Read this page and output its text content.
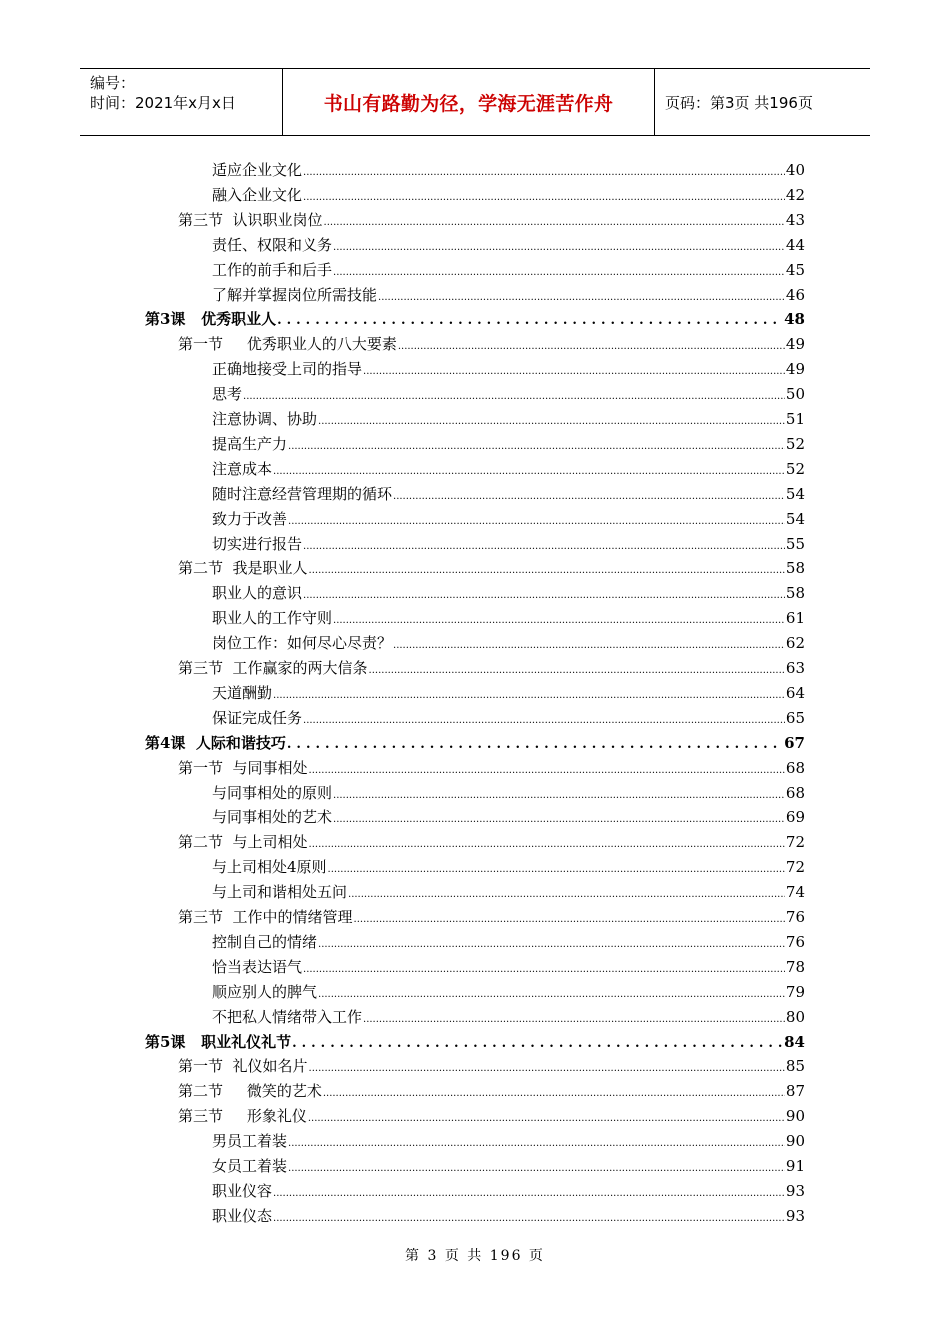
编号：
时间：2021年x月x日	书山有路勤为径，学海无涯苦作舟	页码：第3页 共196页
适应企业文化 .....	40
融入企业文化 .....	42
第三节  认识职业岗位 .....	43
责任、权限和义务 .....	44
工作的前手和后手 .....	45
了解并掌握岗位所需技能 .....	46
第3课   优秀职业人 .....	48
第一节     优秀职业人的八大要素 .....	49
正确地接受上司的指导 .....	49
思考 .....	50
注意协调、协助 .....	51
提高生产力 .....	52
注意成本 .....	52
随时注意经营管理期的循环 .....	54
致力于改善 .....	54
切实进行报告 .....	55
第二节  我是职业人 .....	58
职业人的意识 .....	58
职业人的工作守则 .....	61
岗位工作：如何尽心尽责？ .....	62
第三节  工作赢家的两大信条 .....	63
天道酬勤 .....	64
保证完成任务 .....	65
第4课  人际和谐技巧 .....	67
第一节  与同事相处 .....	68
与同事相处的原则 .....	68
与同事相处的艺术 .....	69
第二节  与上司相处 .....	72
与上司相处4原则 .....	72
与上司和谐相处五问 .....	74
第三节  工作中的情绪管理 .....	76
控制自己的情绪 .....	76
恰当表达语气 .....	78
顺应别人的脾气 .....	79
不把私人情绪带入工作 .....	80
第5课   职业礼仪礼节 .....	84
第一节  礼仪如名片 .....	85
第二节     微笑的艺术 .....	87
第三节     形象礼仪 .....	90
男员工着装 .....	90
女员工着装 .....	91
职业仪容 .....	93
职业仪态 .....	93
第 3 页 共 196 页
